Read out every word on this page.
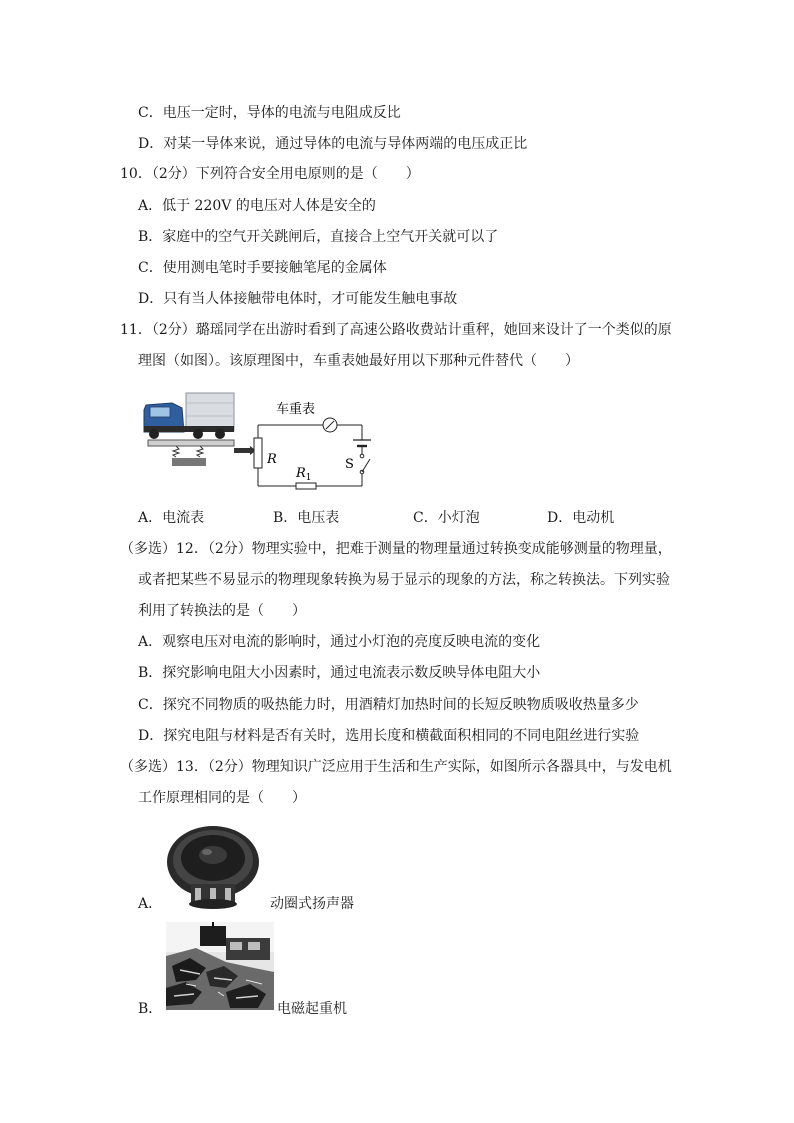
C．电压一定时，导体的电流与电阻成反比
D．对某一导体来说，通过导体的电流与导体两端的电压成正比
10．（2分）下列符合安全用电原则的是（　　）
A．低于 220V 的电压对人体是安全的
B．家庭中的空气开关跳闸后，直接合上空气开关就可以了
C．使用测电笔时手要接触笔尾的金属体
D．只有当人体接触带电体时，才可能发生触电事故
11．（2分）璐瑶同学在出游时看到了高速公路收费站计重秤，她回来设计了一个类似的原
理图（如图）。该原理图中，车重表她最好用以下那种元件替代（　　）
R
车重表
S
$R_1$
A．电流表	B．电压表	C．小灯泡	D．电动机
（多选）12．（2分）物理实验中，把难于测量的物理量通过转换变成能够测量的物理量，
或者把某些不易显示的物理现象转换为易于显示的现象的方法，称之转换法。下列实验
利用了转换法的是（　　）
A．观察电压对电流的影响时，通过小灯泡的亮度反映电流的变化
B．探究影响电阻大小因素时，通过电流表示数反映导体电阻大小
C．探究不同物质的吸热能力时，用酒精灯加热时间的长短反映物质吸收热量多少
D．探究电阻与材料是否有关时，选用长度和横截面积相同的不同电阻丝进行实验
（多选）13．（2分）物理知识广泛应用于生活和生产实际，如图所示各器具中，与发电机
工作原理相同的是（　　）
A．	动圈式扬声器
B．	电磁起重机
